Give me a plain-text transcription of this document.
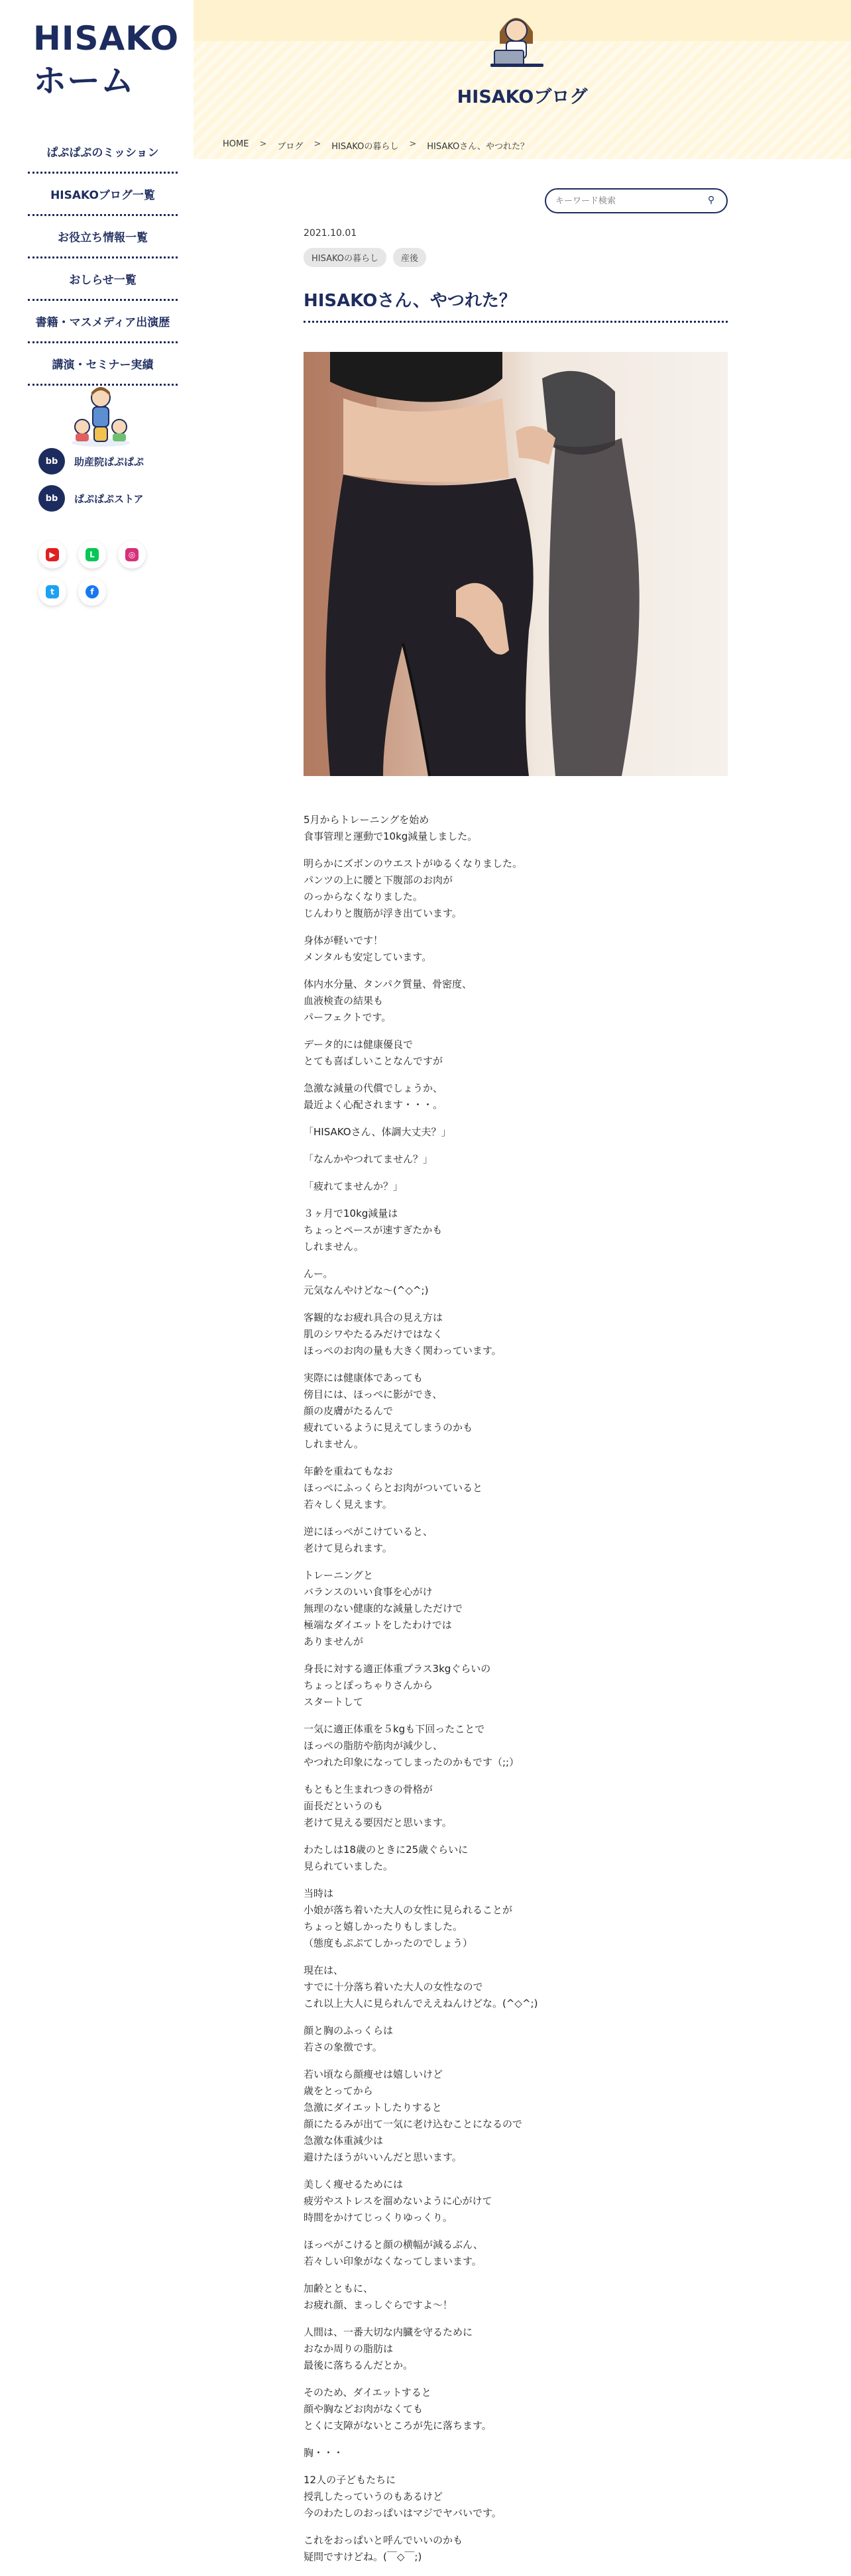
HISAKO
ホーム
ぱぷぱぷのミッション
HISAKOブログ一覧
お役立ち情報一覧
おしらせ一覧
書籍・マスメディア出演歴
講演・セミナー実績
bb	助産院ぱぷぱぷ
bb	ぱぷぱぷストア
▶	L	◎
t	f
HISAKOブログ
HOME > ブログ > HISAKOの暮らし > HISAKOさん、やつれた？
キーワード検索
⚲
2021.10.01
HISAKOの暮らし	産後
HISAKOさん、やつれた？

5月からトレーニングを始め
食事管理と運動で10kg減量しました。

明らかにズボンのウエストがゆるくなりました。
パンツの上に腰と下腹部のお肉が
のっからなくなりました。
じんわりと腹筋が浮き出ています。

身体が軽いです！
メンタルも安定しています。

体内水分量、タンパク質量、骨密度、
血液検査の結果も
パーフェクトです。

データ的には健康優良で
とても喜ばしいことなんですが

急激な減量の代償でしょうか、
最近よく心配されます・・・。

「HISAKOさん、体調大丈夫？」

「なんかやつれてません？」

「疲れてませんか？」

３ヶ月で10kg減量は
ちょっとペースが速すぎたかも
しれません。

んー。
元気なんやけどな〜(^◇^;)

客観的なお疲れ具合の見え方は
肌のシワやたるみだけではなく
ほっぺのお肉の量も大きく関わっています。

実際には健康体であっても
傍目には、ほっぺに影ができ、
顔の皮膚がたるんで
疲れているように見えてしまうのかも
しれません。

年齢を重ねてもなお
ほっぺにふっくらとお肉がついていると
若々しく見えます。

逆にほっぺがこけていると、
老けて見られます。

トレーニングと
バランスのいい食事を心がけ
無理のない健康的な減量しただけで
極端なダイエットをしたわけでは
ありませんが

身長に対する適正体重プラス3kgぐらいの
ちょっとぽっちゃりさんから
スタートして

一気に適正体重を５kgも下回ったことで
ほっぺの脂肪や筋肉が減少し、
やつれた印象になってしまったのかもです（;;）

もともと生まれつきの骨格が
面長だというのも
老けて見える要因だと思います。

わたしは18歳のときに25歳ぐらいに
見られていました。

当時は
小娘が落ち着いた大人の女性に見られることが
ちょっと嬉しかったりもしました。
（態度もぷぷてしかったのでしょう）

現在は、
すでに十分落ち着いた大人の女性なので
これ以上大人に見られんでええねんけどな。(^◇^;)

顔と胸のふっくらは
若さの象徴です。

若い頃なら顔痩せは嬉しいけど
歳をとってから
急激にダイエットしたりすると
顔にたるみが出て一気に老け込むことになるので
急激な体重減少は
避けたほうがいいんだと思います。

美しく痩せるためには
疲労やストレスを溜めないように心がけて
時間をかけてじっくりゆっくり。

ほっぺがこけると顔の横幅が減るぶん、
若々しい印象がなくなってしまいます。

加齢とともに、
お疲れ顔、まっしぐらですよ〜！

人間は、一番大切な内臓を守るために
おなか周りの脂肪は
最後に落ちるんだとか。

そのため、ダイエットすると
顔や胸などお肉がなくても
とくに支障がないところが先に落ちます。

胸・・・

12人の子どもたちに
授乳したっていうのもあるけど
今のわたしのおっぱいはマジでヤバいです。

これをおっぱいと呼んでいいのかも
疑問ですけどね。(￣◇￣;)
